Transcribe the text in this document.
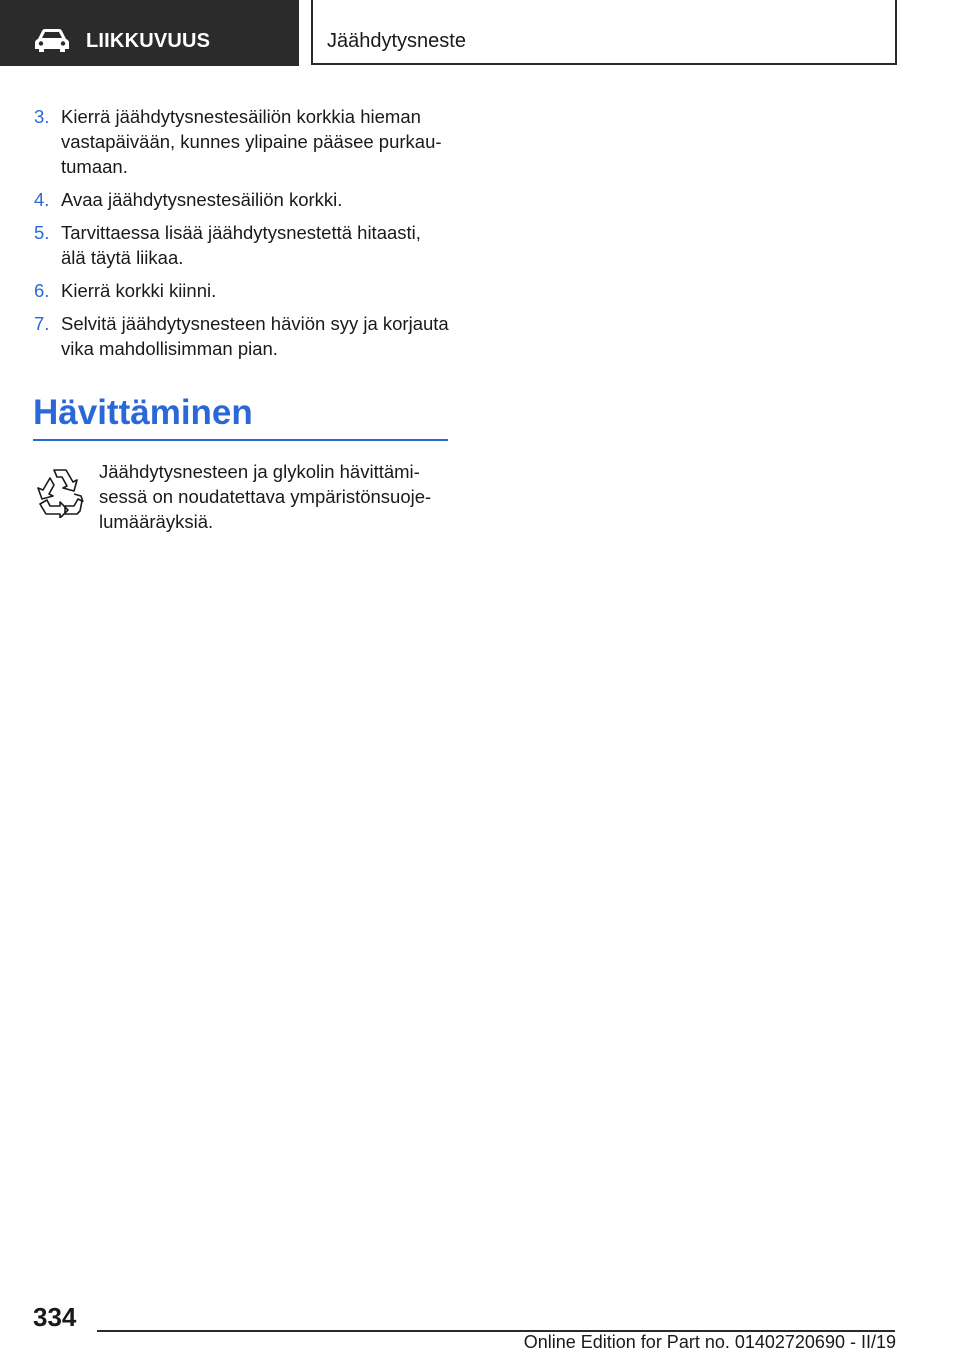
LIIKKUVUUS	Jäähdytysneste
3. Kierrä jäähdytysnestesäiliön korkkia hieman vastapäivään, kunnes ylipaine pääsee purkautumaan.
4. Avaa jäähdytysnestesäiliön korkki.
5. Tarvittaessa lisää jäähdytysnestettä hitaasti, älä täytä liikaa.
6. Kierrä korkki kiinni.
7. Selvitä jäähdytysnesteen häviön syy ja korjauta vika mahdollisimman pian.
Hävittäminen

Jäähdytysnesteen ja glykolin hävittämisessä on noudatettava ympäristönsuojelumääräyksiä.

334
Online Edition for Part no. 01402720690 - II/19
